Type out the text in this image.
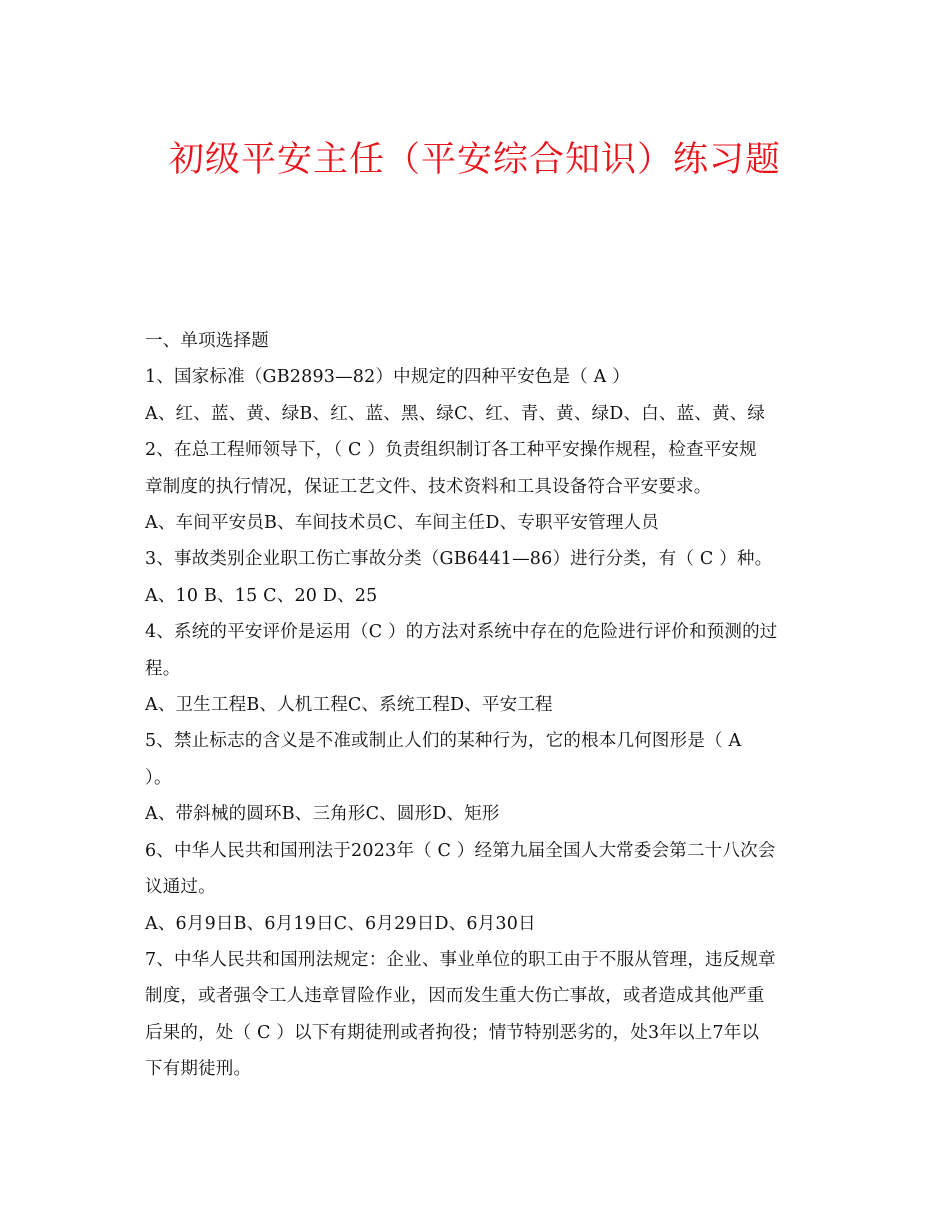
初级平安主任（平安综合知识）练习题
一、单项选择题
1、国家标准（GB2893—82）中规定的四种平安色是（ A ）
A、红、蓝、黄、绿B、红、蓝、黑、绿C、红、青、黄、绿D、白、蓝、黄、绿
2、在总工程师领导下，（ C ）负责组织制订各工种平安操作规程，检查平安规
章制度的执行情况，保证工艺文件、技术资料和工具设备符合平安要求。
A、车间平安员B、车间技术员C、车间主任D、专职平安管理人员
3、事故类别企业职工伤亡事故分类（GB6441—86）进行分类，有（ C ）种。
A、10 B、15 C、20 D、25
4、系统的平安评价是运用（C ）的方法对系统中存在的危险进行评价和预测的过
程。
A、卫生工程B、人机工程C、系统工程D、平安工程
5、禁止标志的含义是不准或制止人们的某种行为，它的根本几何图形是（ A
）。
A、带斜械的圆环B、三角形C、圆形D、矩形
6、中华人民共和国刑法于2023年（ C ）经第九届全国人大常委会第二十八次会
议通过。
A、6月9日B、6月19日C、6月29日D、6月30日
7、中华人民共和国刑法规定：企业、事业单位的职工由于不服从管理，违反规章
制度，或者强令工人违章冒险作业，因而发生重大伤亡事故，或者造成其他严重
后果的，处（ C ）以下有期徒刑或者拘役；情节特别恶劣的，处3年以上7年以
下有期徒刑。
